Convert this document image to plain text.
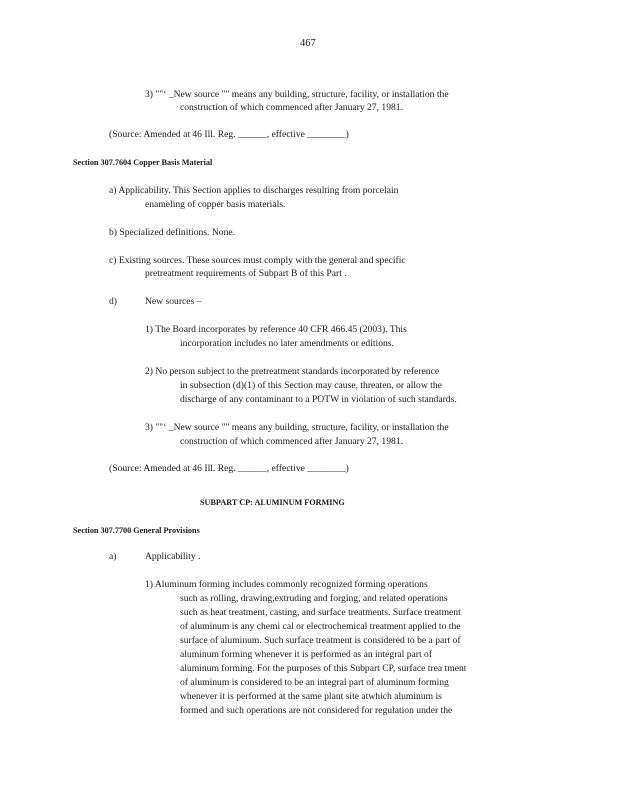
467
3) ""‘ _New source "" means any building, structure, facility, or installation the
construction of which commenced after January 27, 1981.
(Source: Amended at 46 Ill. Reg. ______, effective ________)
Section 307.7604 Copper Basis Material
a) Applicability. This Section applies to discharges resulting from porcelain
enameling of copper basis materials.
b) Specialized definitions. None.
c) Existing sources. These sources must comply with the general and specific
pretreatment requirements of Subpart B of this Part .
d)	New sources –
1) The Board incorporates by reference 40 CFR 466.45 (2003). This
incorporation includes no later amendments or editions.
2) No person subject to the pretreatment standards incorporated by reference
in subsection (d)(1) of this Section may cause, threaten, or allow the
discharge of any contaminant to a POTW in violation of such standards.
3) ""‘ _New source "" means any building, structure, facility, or installation the
construction of which commenced after January 27, 1981.
(Source: Amended at 46 Ill. Reg. ______, effective ________)
SUBPART CP: ALUMINUM FORMING
Section 307.7700 General Provisions
a)	Applicability .
1) Aluminum forming includes commonly recognized forming operations
such as rolling, drawing,extruding and forging, and related operations
such as heat treatment, casting, and surface treatments. Surface treatment
of aluminum is any chemi cal or electrochemical treatment applied to the
surface of aluminum. Such surface treatment is considered to be a part of
aluminum forming whenever it is performed as an integral part of
aluminum forming. For the purposes of this Subpart CP, surface trea tment
of aluminum is considered to be an integral part of aluminum forming
whenever it is performed at the same plant site atwhich aluminum is
formed and such operations are not considered for regulation under the
